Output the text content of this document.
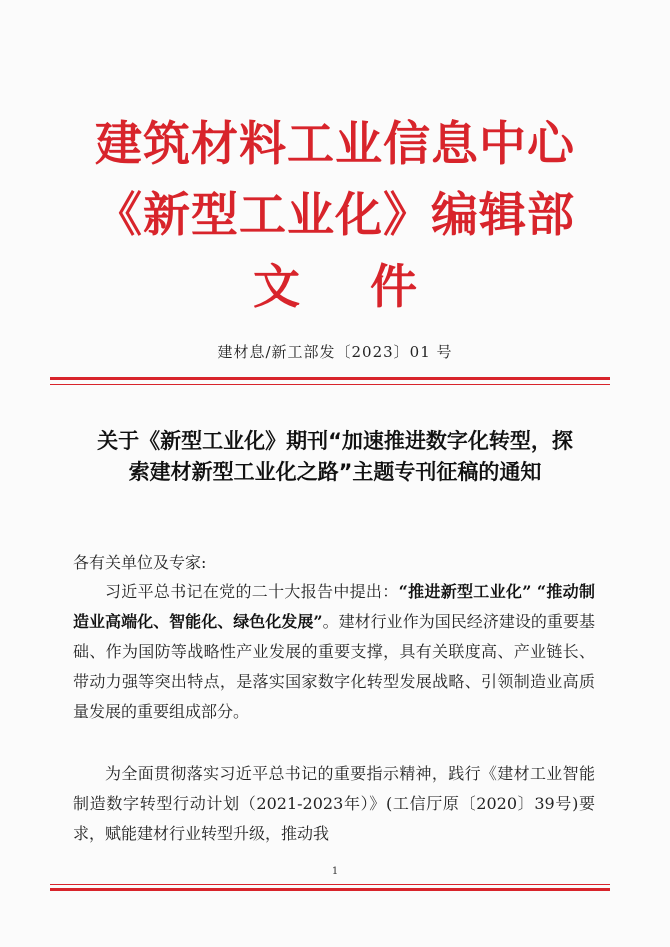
建筑材料工业信息中心
《新型工业化》编辑部
文 件
建材息/新工部发〔2023〕01 号
关于《新型工业化》期刊“加速推进数字化转型，探索建材新型工业化之路”主题专刊征稿的通知
各有关单位及专家:

习近平总书记在党的二十大报告中提出：“推进新型工业化” “推动制造业高端化、智能化、绿色化发展”。建材行业作为国民经济建设的重要基础、作为国防等战略性产业发展的重要支撑，具有关联度高、产业链长、带动力强等突出特点，是落实国家数字化转型发展战略、引领制造业高质量发展的重要组成部分。

为全面贯彻落实习近平总书记的重要指示精神，践行《建材工业智能制造数字转型行动计划（2021-2023年）》(工信厅原〔2020〕39号)要求，赋能建材行业转型升级，推动我

1
